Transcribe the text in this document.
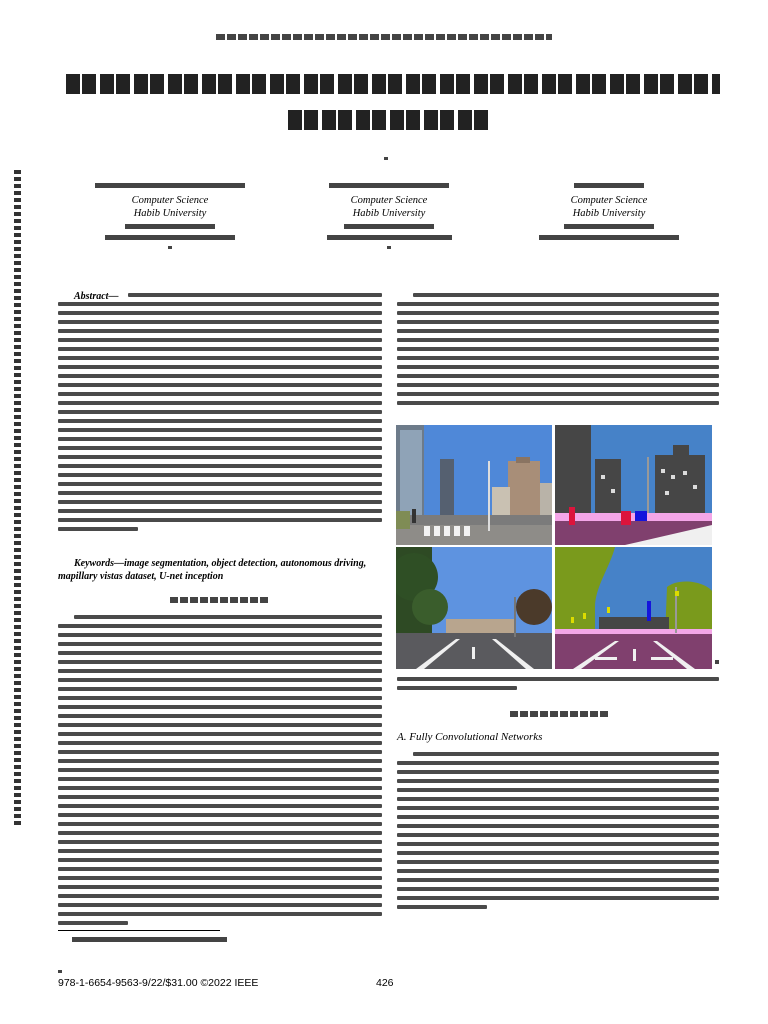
Computer Science
Habib University
Computer Science
Habib University
Computer Science
Habib University
Abstract—
Keywords—image segmentation, object detection, autonomous driving, mapillary vistas dataset, U-net inception
A. Fully Convolutional Networks
978-1-6654-9563-9/22/$31.00 ©2022 IEEE	426
